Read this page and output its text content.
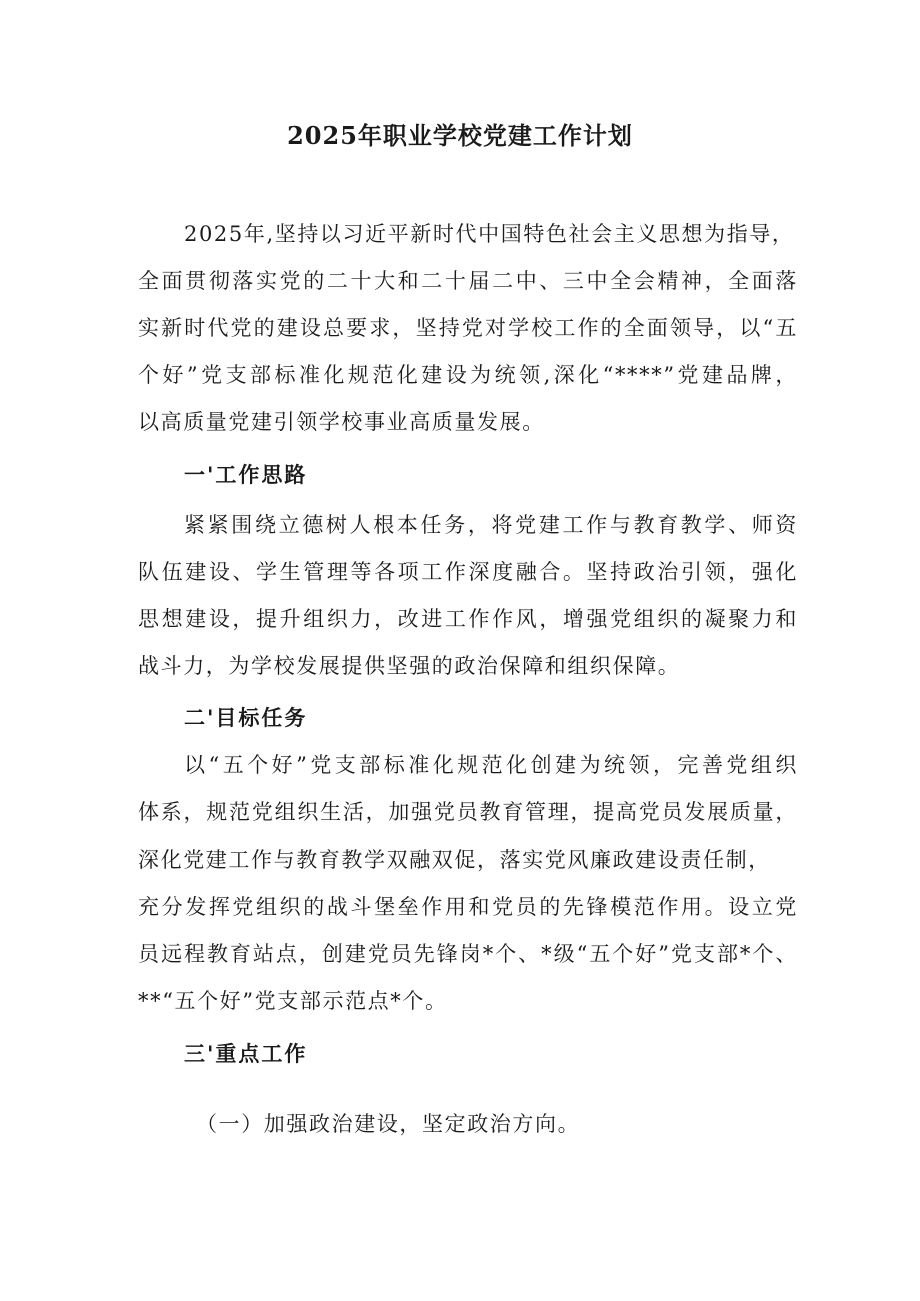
2025年职业学校党建工作计划
2025年,坚持以习近平新时代中国特色社会主义思想为指导，
全面贯彻落实党的二十大和二十届二中、三中全会精神，全面落
实新时代党的建设总要求，坚持党对学校工作的全面领导，以“五
个好”党支部标准化规范化建设为统领,深化“****”党建品牌，
以高质量党建引领学校事业高质量发展。
一'工作思路
紧紧围绕立德树人根本任务，将党建工作与教育教学、师资
队伍建设、学生管理等各项工作深度融合。坚持政治引领，强化
思想建设，提升组织力，改进工作作风，增强党组织的凝聚力和
战斗力，为学校发展提供坚强的政治保障和组织保障。
二'目标任务
以“五个好”党支部标准化规范化创建为统领，完善党组织
体系，规范党组织生活，加强党员教育管理，提高党员发展质量，
深化党建工作与教育教学双融双促，落实党风廉政建设责任制，
充分发挥党组织的战斗堡垒作用和党员的先锋模范作用。设立党
员远程教育站点，创建党员先锋岗*个、*级“五个好”党支部*个、
**“五个好”党支部示范点*个。
三'重点工作
（一）加强政治建设，坚定政治方向。
